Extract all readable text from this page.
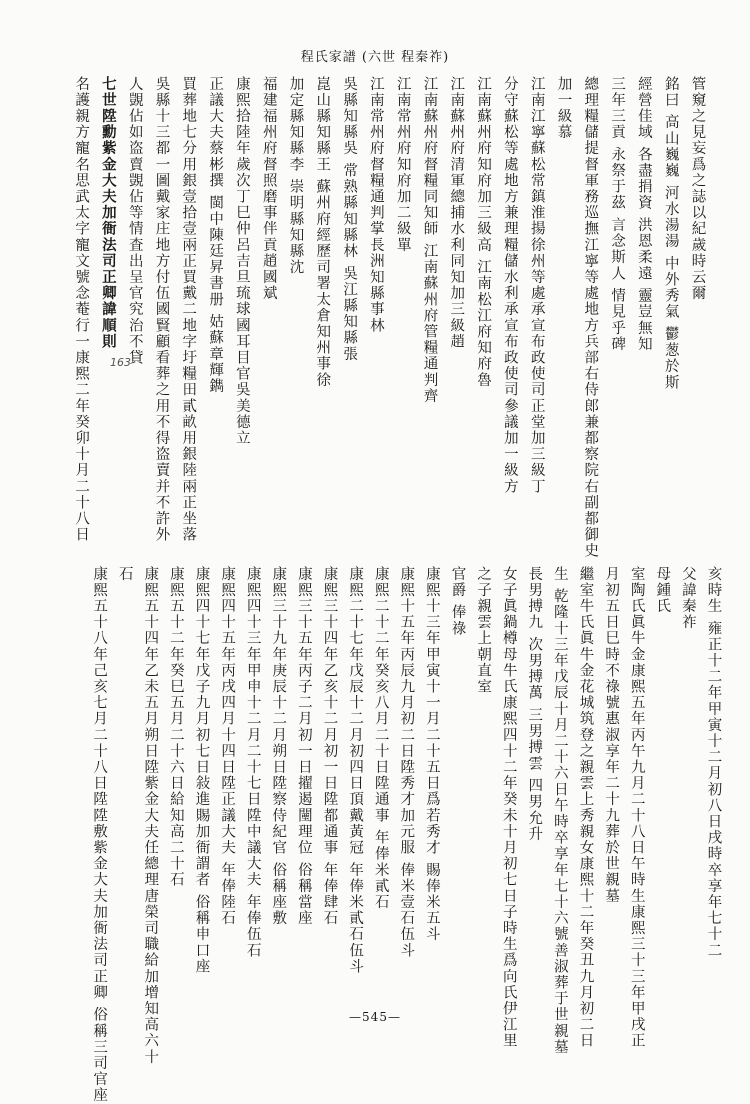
程氏家譜 (六世 程秦祚)
管窺之見妄爲之誌以紀歲時云爾
銘曰 高山巍巍 河水湯湯 中外秀氣 鬱葱於斯
經營佳域 各盡捐資 洪恩柔遠 靈豈無知
三年三貢 永祭于茲 言念斯人 情見乎碑
總理糧儲提督軍務巡撫江寧等處地方兵部右侍郎兼都察院右副都御史
加一級慕
江南江寧蘇松常鎮淮揚徐州等處承宣布政使司正堂加三級丁
分守蘇松等處地方兼理糧儲水利承宣布政使司參議加一級方
江南蘇州府知府加三級高 江南松江府知府魯
江南蘇州府清軍總捕水利同知加三級趙
江南蘇州府督糧同知師 江南蘇州府管糧通判齊
江南常州府知府加二級單
江南常州府督糧通判掌長洲知縣事林
吳縣知縣吳 常熟縣知縣林 吳江縣知縣張
崑山縣知縣王 蘇州府經歷司署太倉知州事徐
加定縣知縣李 崇明縣知縣沈
福建福州府督照磨事伴貢趙國斌
康熙拾陸年歲次丁巳仲呂吉旦琉球國耳目官吳美德立
正議大夫蔡彬撰 閩中陳廷昇書册 姑蘇章輝鐫
買葬地七分用銀壹拾壹兩正買戴二地字圩糧田貳畝用銀陸兩正坐落
吳縣十三都一圖戴家庄地方付伍國賢顧看葬之用不得盗賣并不許外
人覬佔如盗賣覬佔等情査出呈官究治不貸
七世陞勳紫金大夫加衙法司正卿諱順則
名護親方寵名思武太字寵文號念菴行一康熙二年癸卯十月二十八日
亥時生 雍正十二年甲寅十二月初八日戌時卒享年七十二
父諱秦祚
母鍾氏
室陶氏眞牛金康熙五年丙午九月二十八日午時生康熙三十三年甲戌正
月初五日巳時不祿號惠淑享年二十九葬於世親墓
繼室牛氏眞牛金花城筑登之親雲上秀親女康熙十二年癸丑九月初二日
生 乾隆十三年戊辰十月二十六日午時卒享年七十六號善淑葬于世親墓
長男搏九 次男搏萬 三男搏雲 四男允升
女子眞鍋樽母牛氏康熙四十二年癸未十月初七日子時生爲向氏伊江里
之子親雲上朝直室
官爵 俸祿
康熙十三年甲寅十一月二十五日爲若秀才 賜俸米五斗
康熙十五年丙辰九月初二日陞秀才加元服 俸米壹石伍斗
康熙二十二年癸亥八月二十日陞通事 年俸米貳石
康熙二十七年戊辰十二月初四日頂戴黃冠 年俸米貳石伍斗
康熙三十四年乙亥十二月初一日陞都通事 年俸肆石
康熙三十五年丙子二月初一日擢遏闉理位 俗稱當座
康熙三十九年庚辰十二月朔日陞察侍紀官 俗稱座敷
康熙四十三年甲申十二月二十七日陞中議大夫 年俸伍石
康熙四十五年丙戌四月十四日陞正議大夫 年俸陸石
康熙四十七年戊子九月初七日敍進賜加衙謂者 俗稱申口座
康熙五十二年癸巳五月二十六日給知高二十石
康熙五十四年乙未五月朔日陞紫金大夫任總理唐榮司職給加增知高六十
石
康熙五十八年己亥七月二十八日陞陞敷紫金大夫加衙法司正卿 俗稱三司官座
163
—545—
